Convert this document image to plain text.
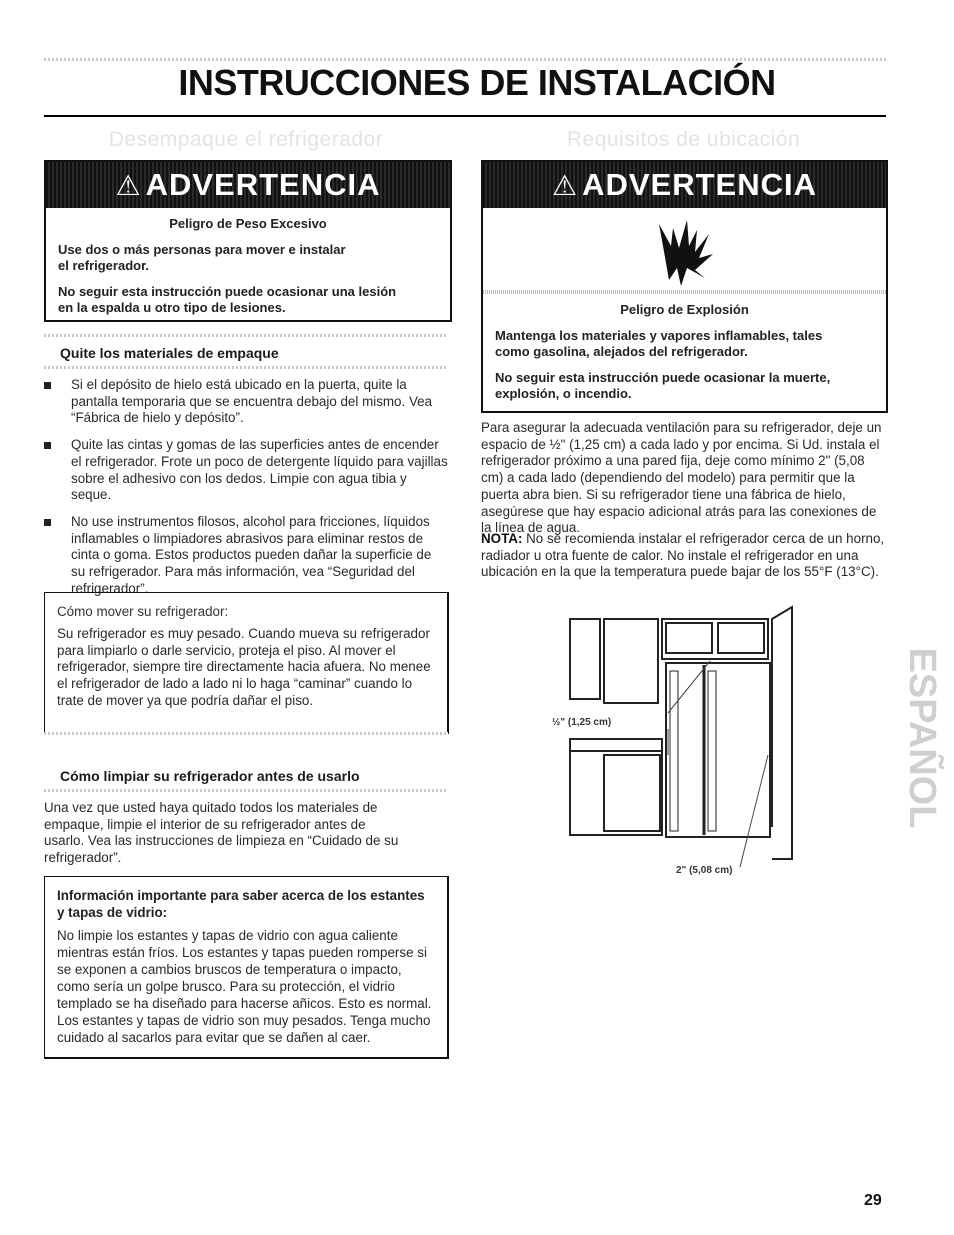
INSTRUCCIONES DE INSTALACIÓN
Desempaque el refrigerador
⚠ ADVERTENCIA
Peligro de Peso Excesivo

Use dos o más personas para mover e instalar el refrigerador.

No seguir esta instrucción puede ocasionar una lesión en la espalda u otro tipo de lesiones.

Quite los materiales de empaque
Si el depósito de hielo está ubicado en la puerta, quite la pantalla temporaria que se encuentra debajo del mismo. Vea “Fábrica de hielo y depósito”.
Quite las cintas y gomas de las superficies antes de encender el refrigerador. Frote un poco de detergente líquido para vajillas sobre el adhesivo con los dedos. Limpie con agua tibia y seque.
No use instrumentos filosos, alcohol para fricciones, líquidos inflamables o limpiadores abrasivos para eliminar restos de cinta o goma. Estos productos pueden dañar la superficie de su refrigerador. Para más información, vea “Seguridad del refrigerador”.
Cómo mover su refrigerador:
Su refrigerador es muy pesado. Cuando mueva su refrigerador para limpiarlo o darle servicio, proteja el piso. Al mover el refrigerador, siempre tire directamente hacia afuera. No menee el refrigerador de lado a lado ni lo haga “caminar” cuando lo trate de mover ya que podría dañar el piso.
Cómo limpiar su refrigerador antes de usarlo
Una vez que usted haya quitado todos los materiales de empaque, limpie el interior de su refrigerador antes de usarlo. Vea las instrucciones de limpieza en “Cuidado de su refrigerador”.
Información importante para saber acerca de los estantes y tapas de vidrio:
No limpie los estantes y tapas de vidrio con agua caliente mientras están fríos. Los estantes y tapas pueden romperse si se exponen a cambios bruscos de temperatura o impacto, como sería un golpe brusco. Para su protección, el vidrio templado se ha diseñado para hacerse añicos. Esto es normal. Los estantes y tapas de vidrio son muy pesados. Tenga mucho cuidado al sacarlos para evitar que se dañen al caer.
Requisitos de ubicación
⚠ ADVERTENCIA
Peligro de Explosión

Mantenga los materiales y vapores inflamables, tales como gasolina, alejados del refrigerador.

No seguir esta instrucción puede ocasionar la muerte, explosión, o incendio.

Para asegurar la adecuada ventilación para su refrigerador, deje un espacio de ½" (1,25 cm) a cada lado y por encima. Si Ud. instala el refrigerador próximo a una pared fija, deje como mínimo 2" (5,08 cm) a cada lado (dependiendo del modelo) para permitir que la puerta abra bien. Si su refrigerador tiene una fábrica de hielo, asegúrese que hay espacio adicional atrás para las conexiones de la línea de agua.
NOTA: No se recomienda instalar el refrigerador cerca de un horno, radiador u otra fuente de calor. No instale el refrigerador en una ubicación en la que la temperatura puede bajar de los 55°F (13°C).
½" (1,25 cm)
2" (5,08 cm)
ESPAÑOL
29
